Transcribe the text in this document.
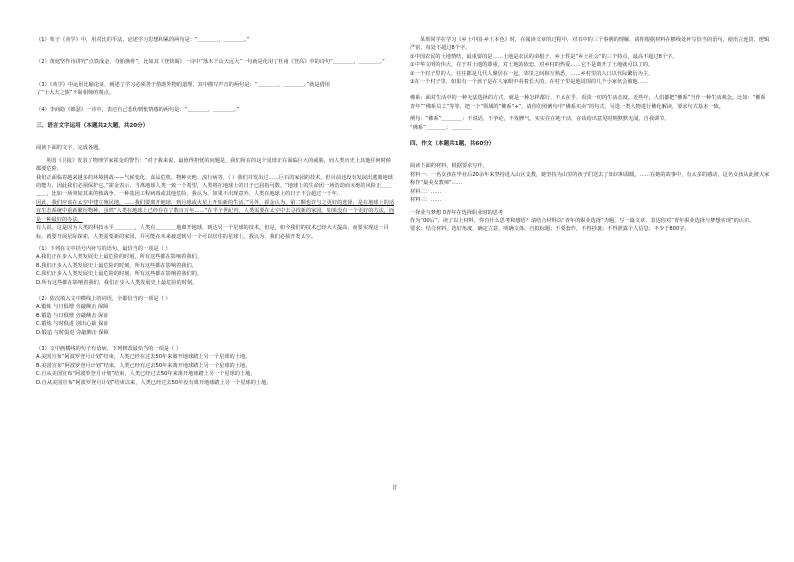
（1）荀子《劝学》中，用对比的手法，论述学习思想积累的两句是：“＿＿＿＿，＿＿＿＿。”

（2）黄庭坚作诗讲究“点铁成金，夺胎换骨”，比如其《登快阁》一诗中“落木千山天远大”一句就是化用了杜甫《登高》中的诗句“＿＿＿＿，＿＿＿＿。”

（3）《劝学》中运用比喻论证，阐述了学习必须善于借助外物的道理，其中描写声音的两句是：“＿＿＿＿，＿＿＿＿。”就是借用

了“士大夫之族”不耻相师的观点。

（4）李商隐《锦瑟》一诗中，表达自己悲伤惆怅情感的两句是：“＿＿＿＿，＿＿＿＿。”

三、语言文字运用（本题共2大题，共20分）

阅读下面的文字，完成各题。

英国《卫报》发表了物理学家霍金的警告：“对于我来说，最值得担忧的问题是，我们所在的这个星球正在面临巨大的威胁，而人类历史上其他任何时候都要危险。

我们正面临着越来越多的环境挑战——气候变化、食品危机、物种灭绝、流行病等，（ ）我们并发出过……巨石的家园的技术，但目前还没有发展出逃离地球的能力，因此我们必须保护它。”霍金表示，当离地球人类一致一个希望，人类将在地球上的日子已屈指可数。“地球上的生命团一场浩劫而灭绝的风险正＿＿＿＿，比如一场突如其来的核战争、一种基因工程病毒或其他危险。我认为，如果不出现意外，人类在地球上的日子不会超过一千年。

因此，我们应该在太空中建立殖民地，……我们要离开地球，到月球或火星上开始新的生活。”另外，霍金认为，第二颗也许与之更好的选择，是在地球上的适宜生态系统中重新繁衍物种，虽然“人类在地球上已经存在了数百万年……”在半个世纪内，人类需要在太空中去寻找新的家园。如果没有一个更好的方法，而是一种最好的办法。

有人说，这是因为人类的科技水平＿＿＿＿，人类有＿＿＿＿地离开地球，到达另一个星球的技术。但是，如今我们的技术已经大大提高，而要实现这一目标，就要开展星际探索，人类需要新的家园，并可能在未来被送到另一个可以居住的星球上。我认为，我们必须开发太空。

（1）下列在文中括号内补写的语句，最恰当的一项是（ ）

A.我们正在步入人类发展史上最危险的时刻，所有这些都在影响着我们。

B.我们正步入人类发展史上最危险的时刻，所有这些都在影响着我们。

C.我们正步入人类发展史上最危险的时刻，所有这些都在影响着我们的。

D.所有这些都在影响着我们，我们正步入人类发展史上最危险的时刻。

（2）依次填入文中横线上的词语，全都恰当的一项是（ ）

A.锻炼 与日俱增 旁敲侧击 保障

B.锻造 与日俱增 旁敲侧击 保证

C.锻炼 与时俱进 别出心裁 保证

D.锻造 与时俱进 旁敲侧击 保障

（3）文中画横线的句子有语病，下列修改最恰当的一项是（ ）

A.美国宣布“阿波罗登月计划”结束，人类已经在过去50年来离开地球踏上另一个星球的土地。

B.美国宣布“阿波罗登月计划”结束，人类已经有过去50年来离开地球踏上另一个星球的土地。

C.自从美国宣布“阿波罗登月计划”结束，人类已经过去50年来离开地球踏上另一个星球的土地。

D.自从美国宣布“阿波罗登月计划”结束以来，人类已经过去50年没有离开地球踏上另一个星球的土地。

首

某班同学在学习《乡土中国·乡土本色》时，在阅读文章的过程中，对书中的三个事例的理解，请你根据材料在横线处补写恰当的语句，使语言连贯，逻辑严密，每处不超过8个字。

①中国农民的土地情结，最重要的是……土地是农民的命根子，乡土性是“乡土社会”的三个特点，最高不超过8个字。

①中华文明的伟大，在于对土地的尊重，对土地的依恋，对乡村的热爱……它不是离开了土地就可以了的。

②一个村子里的人，往往都是几代人聚居在一起，邻里之间相互熟悉，……乡村里的人口以代际繁衍为主，

③在一个村子里，如果有一个孩子是在人家眼中看着长大的，在村子里是他周围的几个小家伙会被他……

佛系：面对生活中的一种无法选择的方式，就是一种怎样都行、不太在乎、看淡一切的生活态度。近些年，人们都把“佛系”当作一种生活观念，比如：“佛系青年”“佛系员工”等等，把一个“领域的”佛系“+”，请你仿照例句中“佛系买卖”的句式，另选一类人物进行佛化解读，要求句式基本一致。

例句：“佛系”＿＿＿＿：不说话，不争论，不发脾气，实实在在地干活，在该给出意见时则默默无闻，自我调节。

“佛系”＿＿＿＿：＿＿＿＿

四、作文（本题共1题，共60分）

阅读下面的材料，根据要求写作。

材料一：一名女孩在毕业后20余年来坚持进入山区支教，她坚持为山里的孩子们送去了知识和温暖。……在她的故事中，有太多的感动，这名女孩从此被大家称作“最美女教师”……

材料二：……

材料三：……

一择业与梦想 0青年在选择职业时的思考

作为“00后”，读了以上材料，你有什么思考和感悟？请结合材料以“青年的职业选择”为题，写一篇文章，表达你对“青年职业选择与梦想实现”的认识。

要求：结合材料，选好角度，确定立意，明确文体，自拟标题；不要套作，不得抄袭；不得泄露个人信息；不少于800字。
